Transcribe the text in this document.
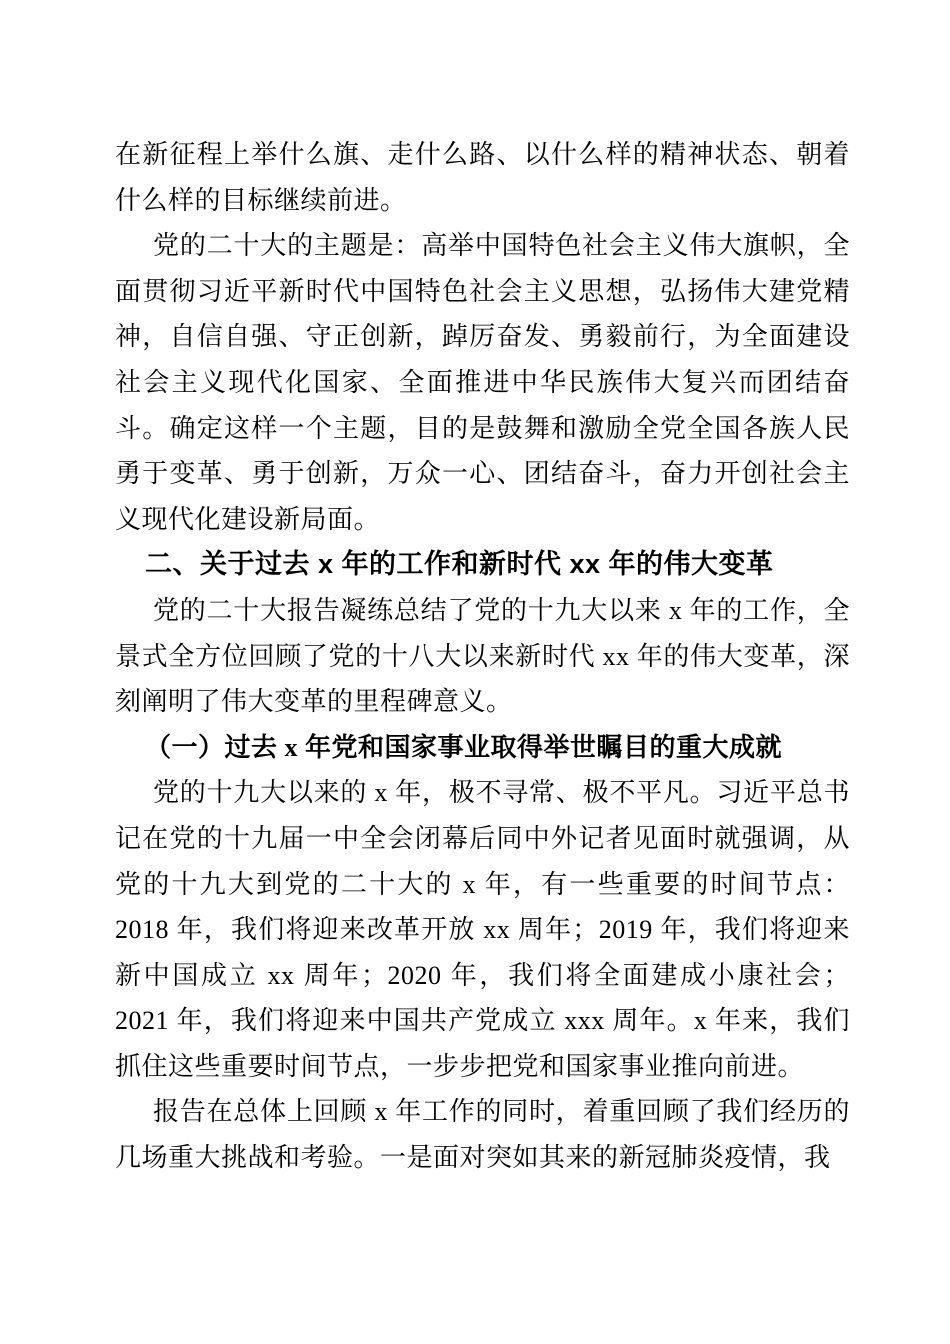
在新征程上举什么旗、走什么路、以什么样的精神状态、朝着什么样的目标继续前进。

党的二十大的主题是：高举中国特色社会主义伟大旗帜，全面贯彻习近平新时代中国特色社会主义思想，弘扬伟大建党精神，自信自强、守正创新，踔厉奋发、勇毅前行，为全面建设社会主义现代化国家、全面推进中华民族伟大复兴而团结奋斗。确定这样一个主题，目的是鼓舞和激励全党全国各族人民勇于变革、勇于创新，万众一心、团结奋斗，奋力开创社会主义现代化建设新局面。

二、关于过去 x 年的工作和新时代 xx 年的伟大变革

党的二十大报告凝练总结了党的十九大以来 x 年的工作，全景式全方位回顾了党的十八大以来新时代 xx 年的伟大变革，深刻阐明了伟大变革的里程碑意义。

（一）过去 x 年党和国家事业取得举世瞩目的重大成就

党的十九大以来的 x 年，极不寻常、极不平凡。习近平总书记在党的十九届一中全会闭幕后同中外记者见面时就强调，从党的十九大到党的二十大的 x 年，有一些重要的时间节点：2018 年，我们将迎来改革开放 xx 周年；2019 年，我们将迎来新中国成立 xx 周年；2020 年，我们将全面建成小康社会；2021 年，我们将迎来中国共产党成立 xxx 周年。x 年来，我们抓住这些重要时间节点，一步步把党和国家事业推向前进。

报告在总体上回顾 x 年工作的同时，着重回顾了我们经历的几场重大挑战和考验。一是面对突如其来的新冠肺炎疫情，我
